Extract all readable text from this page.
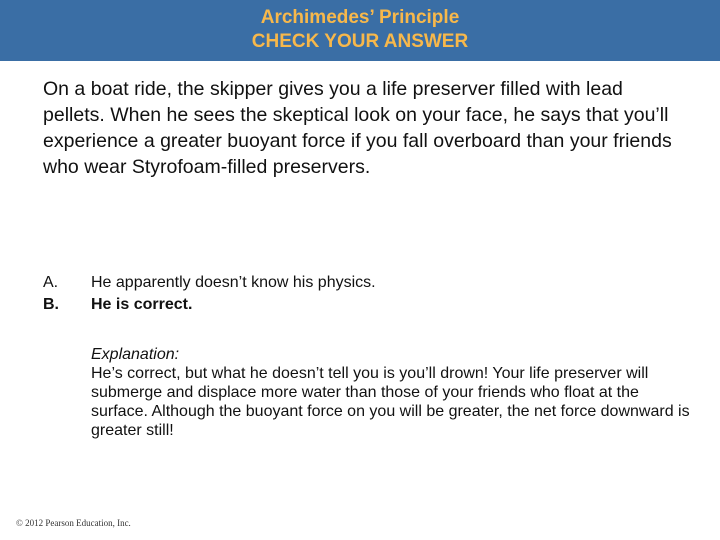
Archimedes’ Principle
CHECK YOUR ANSWER

On a boat ride, the skipper gives you a life preserver filled with lead pellets. When he sees the skeptical look on your face, he says that you’ll experience a greater buoyant force if you fall overboard than your friends who wear Styrofoam-filled preservers.

A. He apparently doesn’t know his physics.
B. He is correct.
Explanation:
He’s correct, but what he doesn’t tell you is you’ll drown! Your life preserver will submerge and displace more water than those of your friends who float at the surface. Although the buoyant force on you will be greater, the net force downward is greater still!
© 2012 Pearson Education, Inc.
